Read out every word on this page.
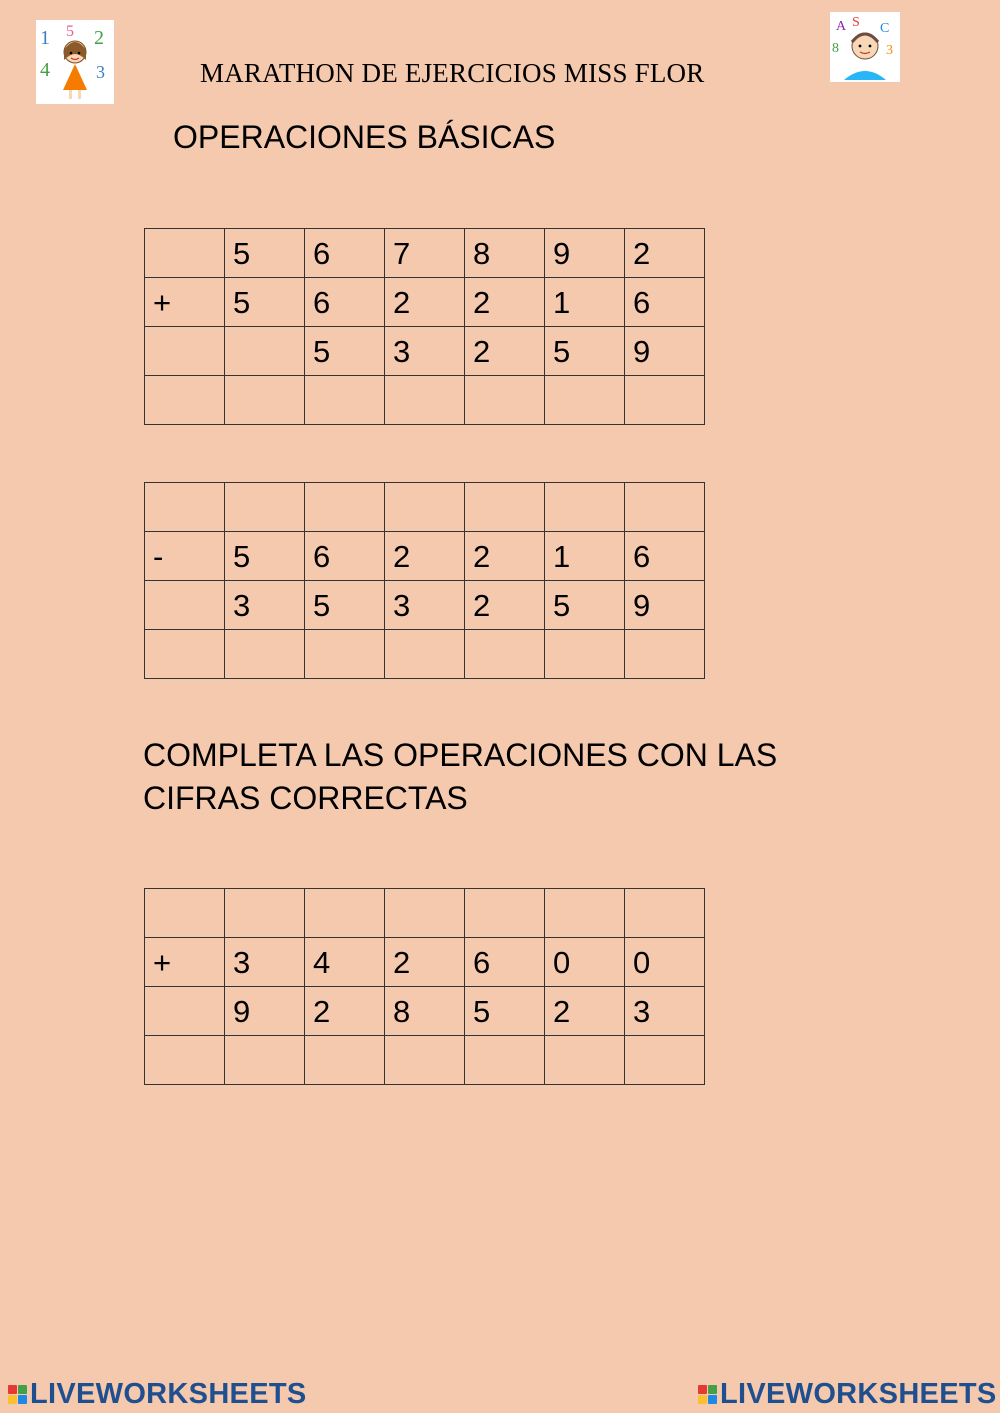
1 5 2
4	3	MARATHON DE EJERCICIOS MISS FLOR
A S C
8	3
OPERACIONES BÁSICAS
	5	6	7	8	9	2
+	5	6	2	2	1	6
		5	3	2	5	9

-	5	6	2	2	1	6
	3	5	3	2	5	9

COMPLETA LAS OPERACIONES CON LAS
CIFRAS CORRECTAS

+	3	4	2	6	0	0
	9	2	8	5	2	3

LIVEWORKSHEETS	LIVEWORKSHEETS
